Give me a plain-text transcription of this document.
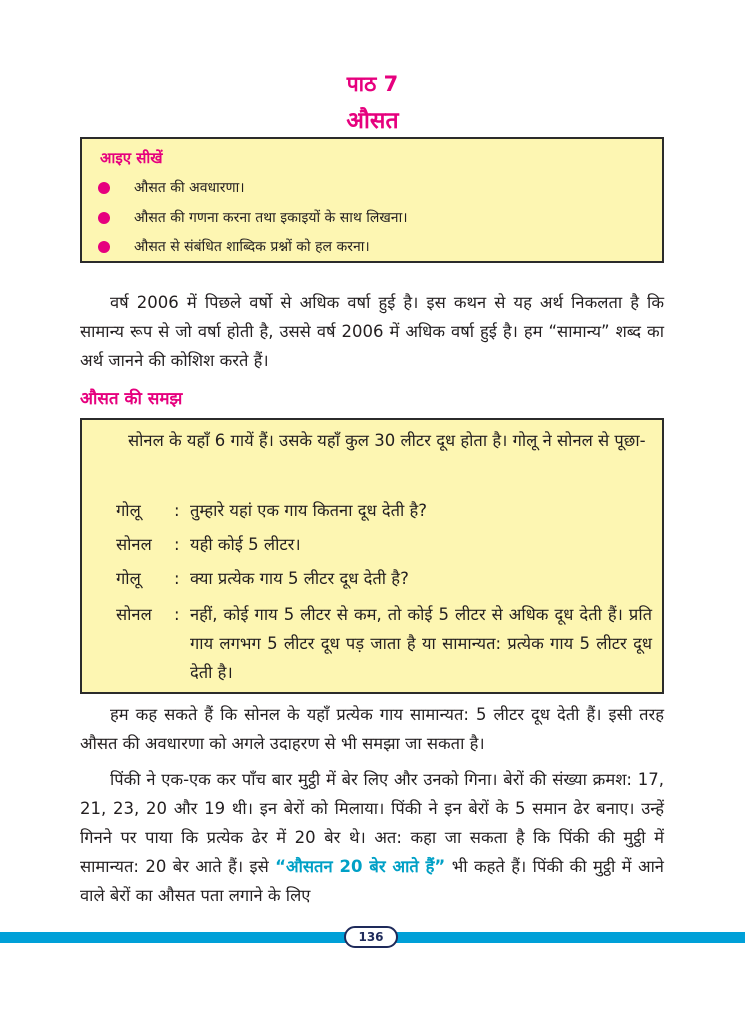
पाठ 7
औसत
आइए सीखें
औसत की अवधारणा।
औसत की गणना करना तथा इकाइयों के साथ लिखना।
औसत से संबंधित शाब्दिक प्रश्नों को हल करना।
वर्ष 2006 में पिछले वर्षो से अधिक वर्षा हुई है। इस कथन से यह अर्थ निकलता है कि सामान्य रूप से जो वर्षा होती है, उससे वर्ष 2006 में अधिक वर्षा हुई है। हम “सामान्य” शब्द का अर्थ जानने की कोशिश करते हैं।
औसत की समझ
सोनल के यहाँ 6 गायें हैं। उसके यहाँ कुल 30 लीटर दूध होता है। गोलू ने सोनल से पूछा-
गोलू : तुम्हारे यहां एक गाय कितना दूध देती है?
सोनल : यही कोई 5 लीटर।
गोलू : क्या प्रत्येक गाय 5 लीटर दूध देती है?
सोनल : नहीं, कोई गाय 5 लीटर से कम, तो कोई 5 लीटर से अधिक दूध देती हैं। प्रति गाय लगभग 5 लीटर दूध पड़ जाता है या सामान्यत: प्रत्येक गाय 5 लीटर दूध देती है।
हम कह सकते हैं कि सोनल के यहाँ प्रत्येक गाय सामान्यत: 5 लीटर दूध देती हैं। इसी तरह औसत की अवधारणा को अगले उदाहरण से भी समझा जा सकता है।
पिंकी ने एक-एक कर पाँच बार मुट्ठी में बेर लिए और उनको गिना। बेरों की संख्या क्रमश: 17, 21, 23, 20 और 19 थी। इन बेरों को मिलाया। पिंकी ने इन बेरों के 5 समान ढेर बनाए। उन्हें गिनने पर पाया कि प्रत्येक ढेर में 20 बेर थे। अत: कहा जा सकता है कि पिंकी की मुट्ठी में सामान्यत: 20 बेर आते हैं। इसे “औसतन 20 बेर आते हैं” भी कहते हैं। पिंकी की मुट्ठी में आने वाले बेरों का औसत पता लगाने के लिए
136
